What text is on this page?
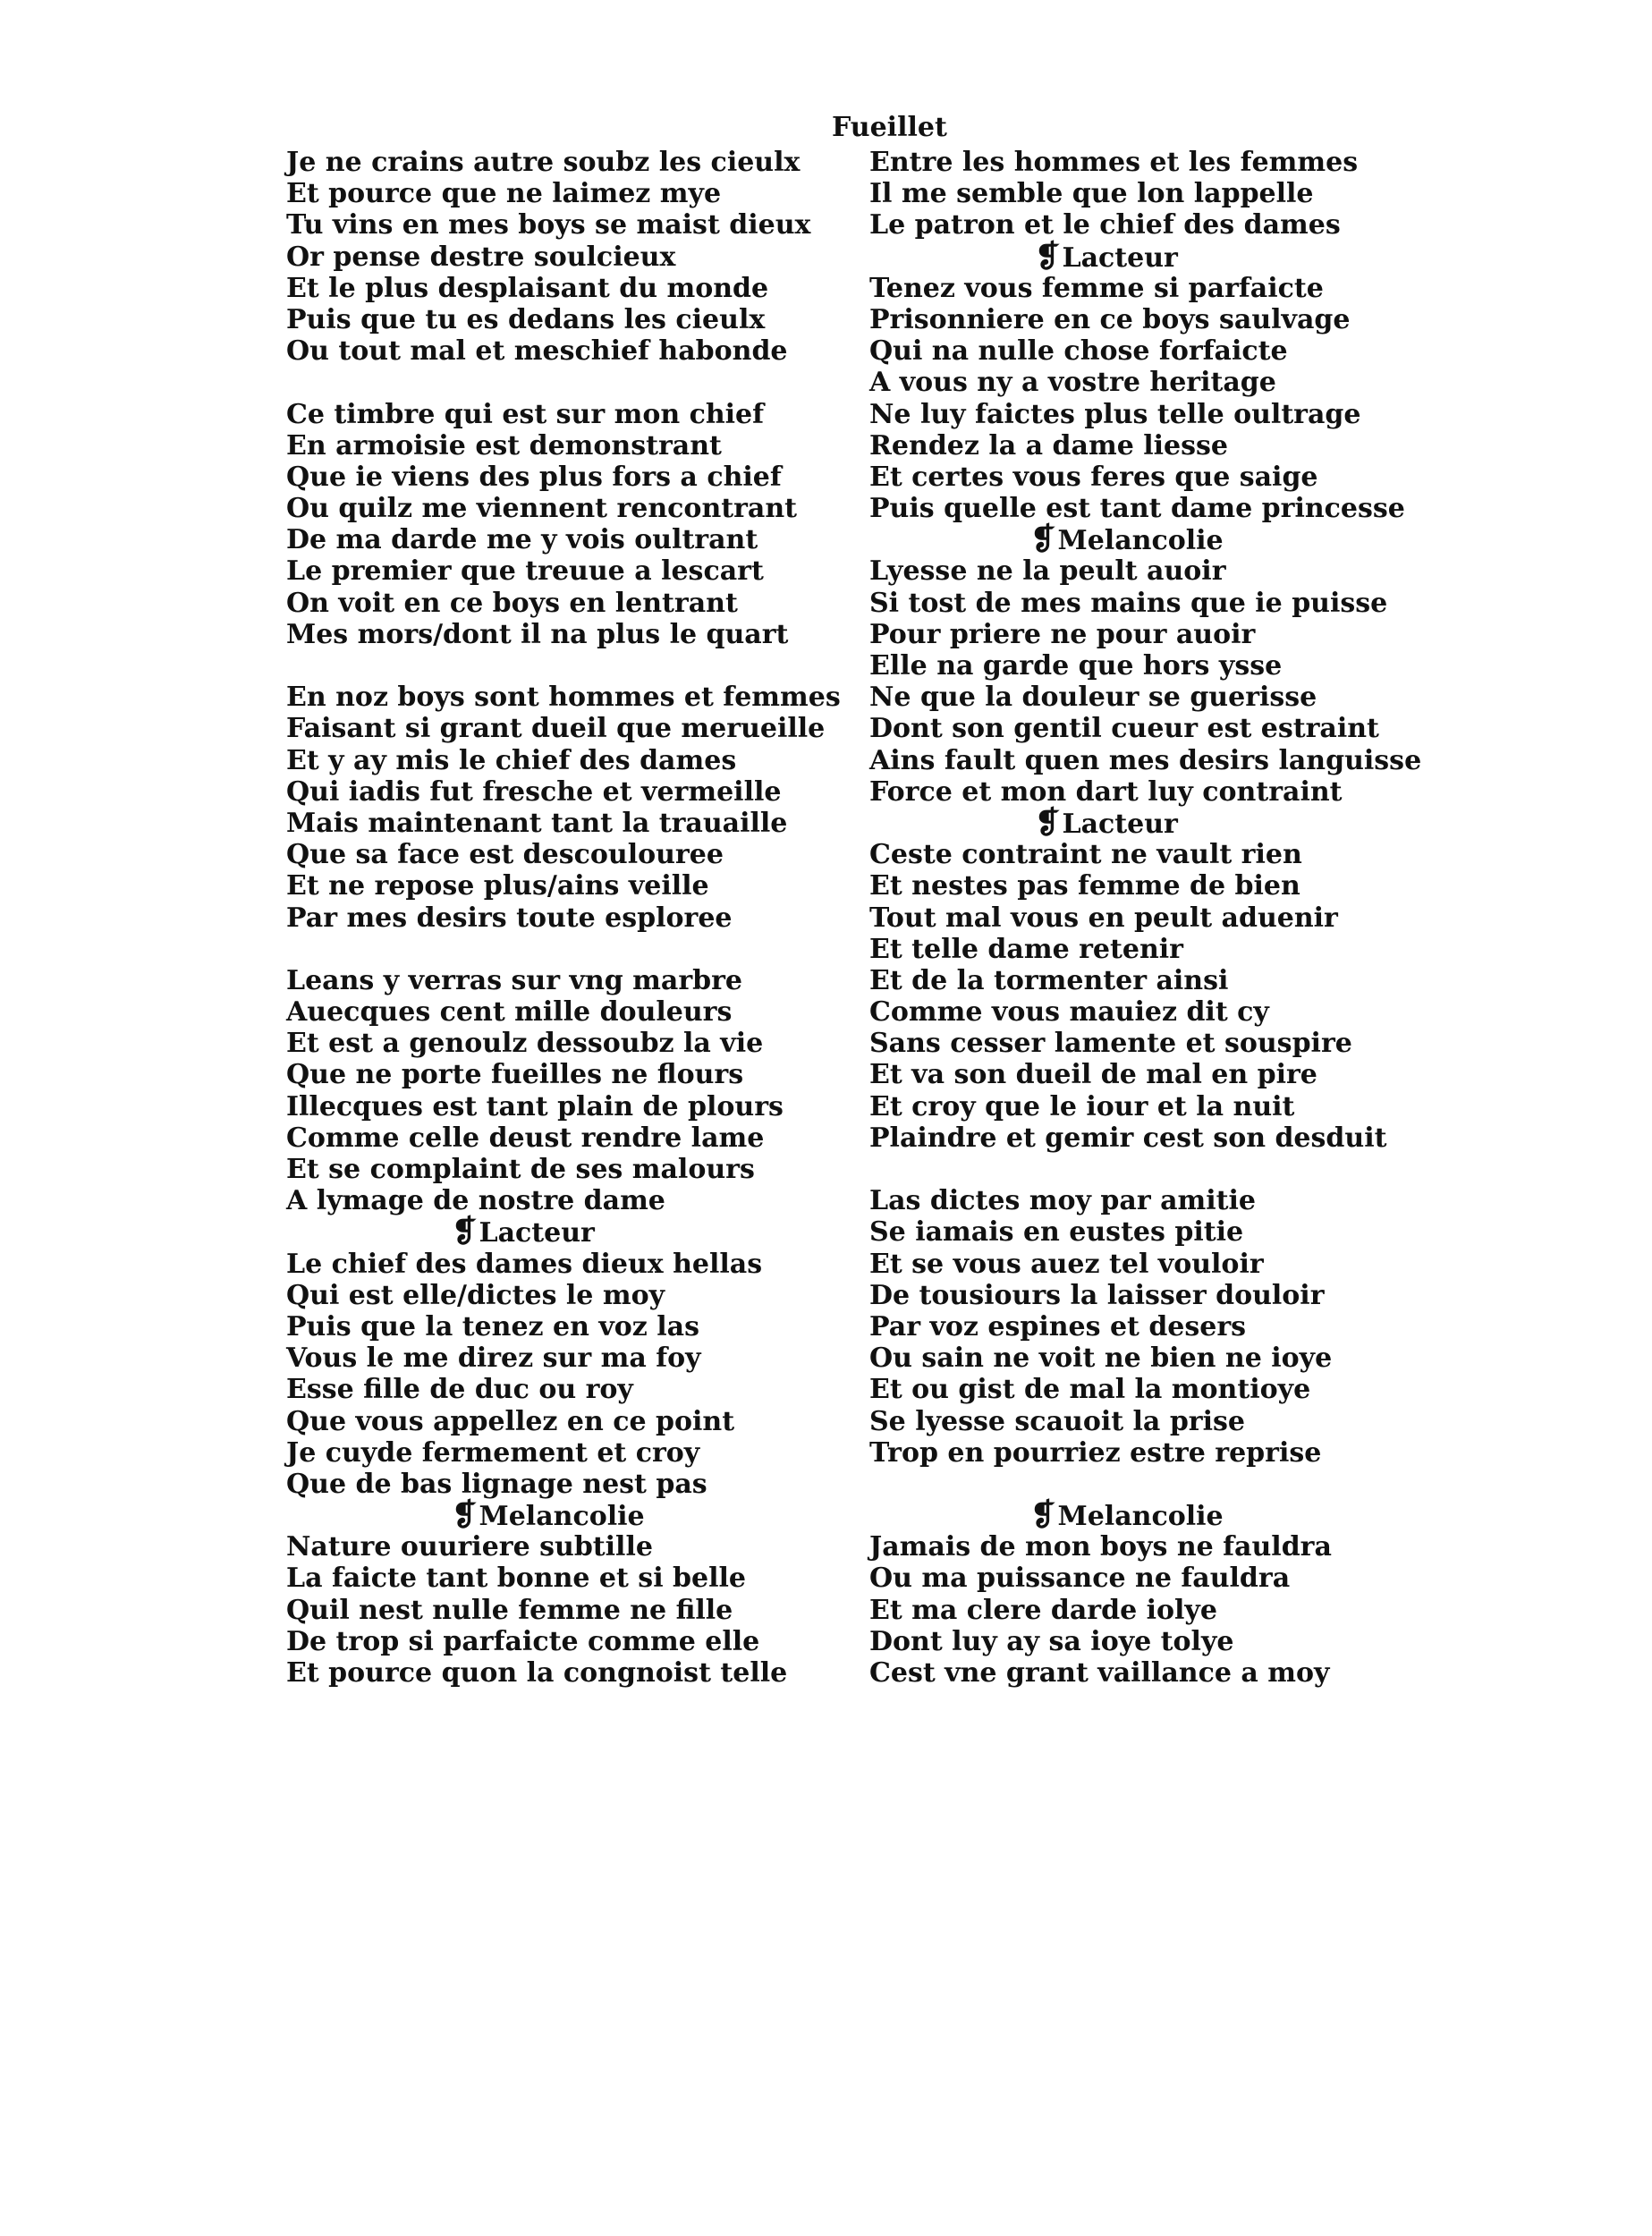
Fueillet
Je ne crains autre soubz les cieulx
Et pource que ne laimez mye
Tu vins en mes boys se maist dieux
Or pense destre soulcieux
Et le plus desplaisant du monde
Puis que tu es dedans les cieulx
Ou tout mal et meschief habonde
Ce timbre qui est sur mon chief
En armoisie est demonstrant
Que ie viens des plus fors a chief
Ou quilz me viennent rencontrant
De ma darde me y vois oultrant
Le premier que treuue a lescart
On voit en ce boys en lentrant
Mes mors/dont il na plus le quart
En noz boys sont hommes et femmes
Faisant si grant dueil que merueille
Et y ay mis le chief des dames
Qui iadis fut fresche et vermeille
Mais maintenant tant la trauaille
Que sa face est descoulouree
Et ne repose plus/ains veille
Par mes desirs toute esploree
Leans y verras sur vng marbre
Auecques cent mille douleurs
Et est a genoulz dessoubz la vie
Que ne porte fueilles ne flours
Illecques est tant plain de plours
Comme celle deust rendre lame
Et se complaint de ses malours
A lymage de nostre dame
❡Lacteur
Le chief des dames dieux hellas
Qui est elle/dictes le moy
Puis que la tenez en voz las
Vous le me direz sur ma foy
Esse fille de duc ou roy
Que vous appellez en ce point
Je cuyde fermement et croy
Que de bas lignage nest pas
❡Melancolie
Nature ouuriere subtille
La faicte tant bonne et si belle
Quil nest nulle femme ne fille
De trop si parfaicte comme elle
Et pource quon la congnoist telle
Entre les hommes et les femmes
Il me semble que lon lappelle
Le patron et le chief des dames
❡Lacteur
Tenez vous femme si parfaicte
Prisonniere en ce boys saulvage
Qui na nulle chose forfaicte
A vous ny a vostre heritage
Ne luy faictes plus telle oultrage
Rendez la a dame liesse
Et certes vous feres que saige
Puis quelle est tant dame princesse
❡Melancolie
Lyesse ne la peult auoir
Si tost de mes mains que ie puisse
Pour priere ne pour auoir
Elle na garde que hors ysse
Ne que la douleur se guerisse
Dont son gentil cueur est estraint
Ains fault quen mes desirs languisse
Force et mon dart luy contraint
❡Lacteur
Ceste contraint ne vault rien
Et nestes pas femme de bien
Tout mal vous en peult aduenir
Et telle dame retenir
Et de la tormenter ainsi
Comme vous mauiez dit cy
Sans cesser lamente et souspire
Et va son dueil de mal en pire
Et croy que le iour et la nuit
Plaindre et gemir cest son desduit
Las dictes moy par amitie
Se iamais en eustes pitie
Et se vous auez tel vouloir
De tousiours la laisser douloir
Par voz espines et desers
Ou sain ne voit ne bien ne ioye
Et ou gist de mal la montioye
Se lyesse scauoit la prise
Trop en pourriez estre reprise
❡Melancolie
Jamais de mon boys ne fauldra
Ou ma puissance ne fauldra
Et ma clere darde iolye
Dont luy ay sa ioye tolye
Cest vne grant vaillance a moy
